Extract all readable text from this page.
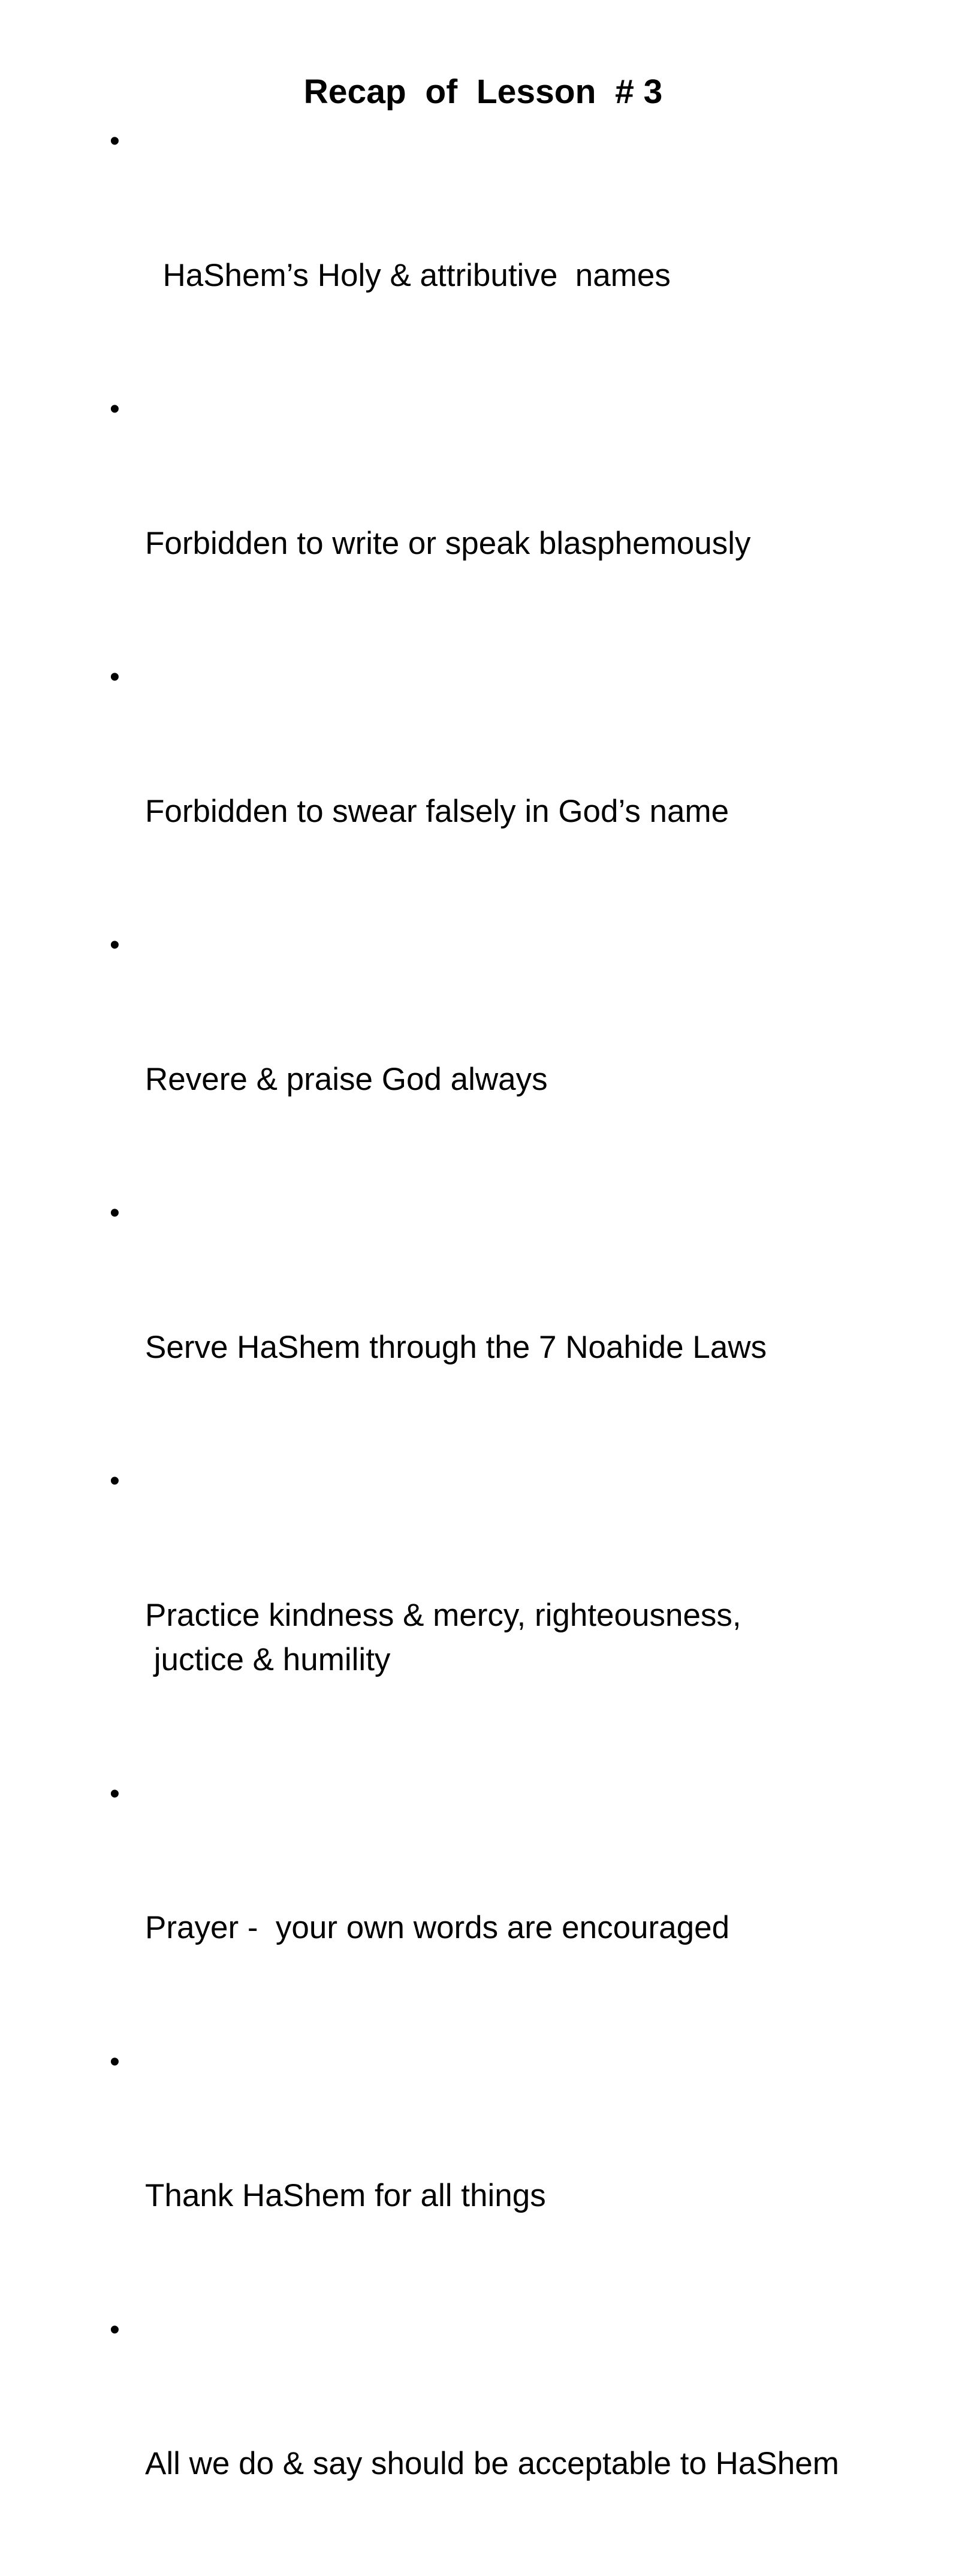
Recap  of  Lesson  # 3

•

HaShem’s Holy & attributive  names

•

Forbidden to write or speak blasphemously

•

Forbidden to swear falsely in God’s name

•

Revere & praise God always

•

Serve HaShem through the 7 Noahide Laws

•

Practice kindness & mercy, righteousness,
juctice & humility

•

Prayer -  your own words are encouraged

•

Thank HaShem for all things

•

All we do & say should be acceptable to HaShem
